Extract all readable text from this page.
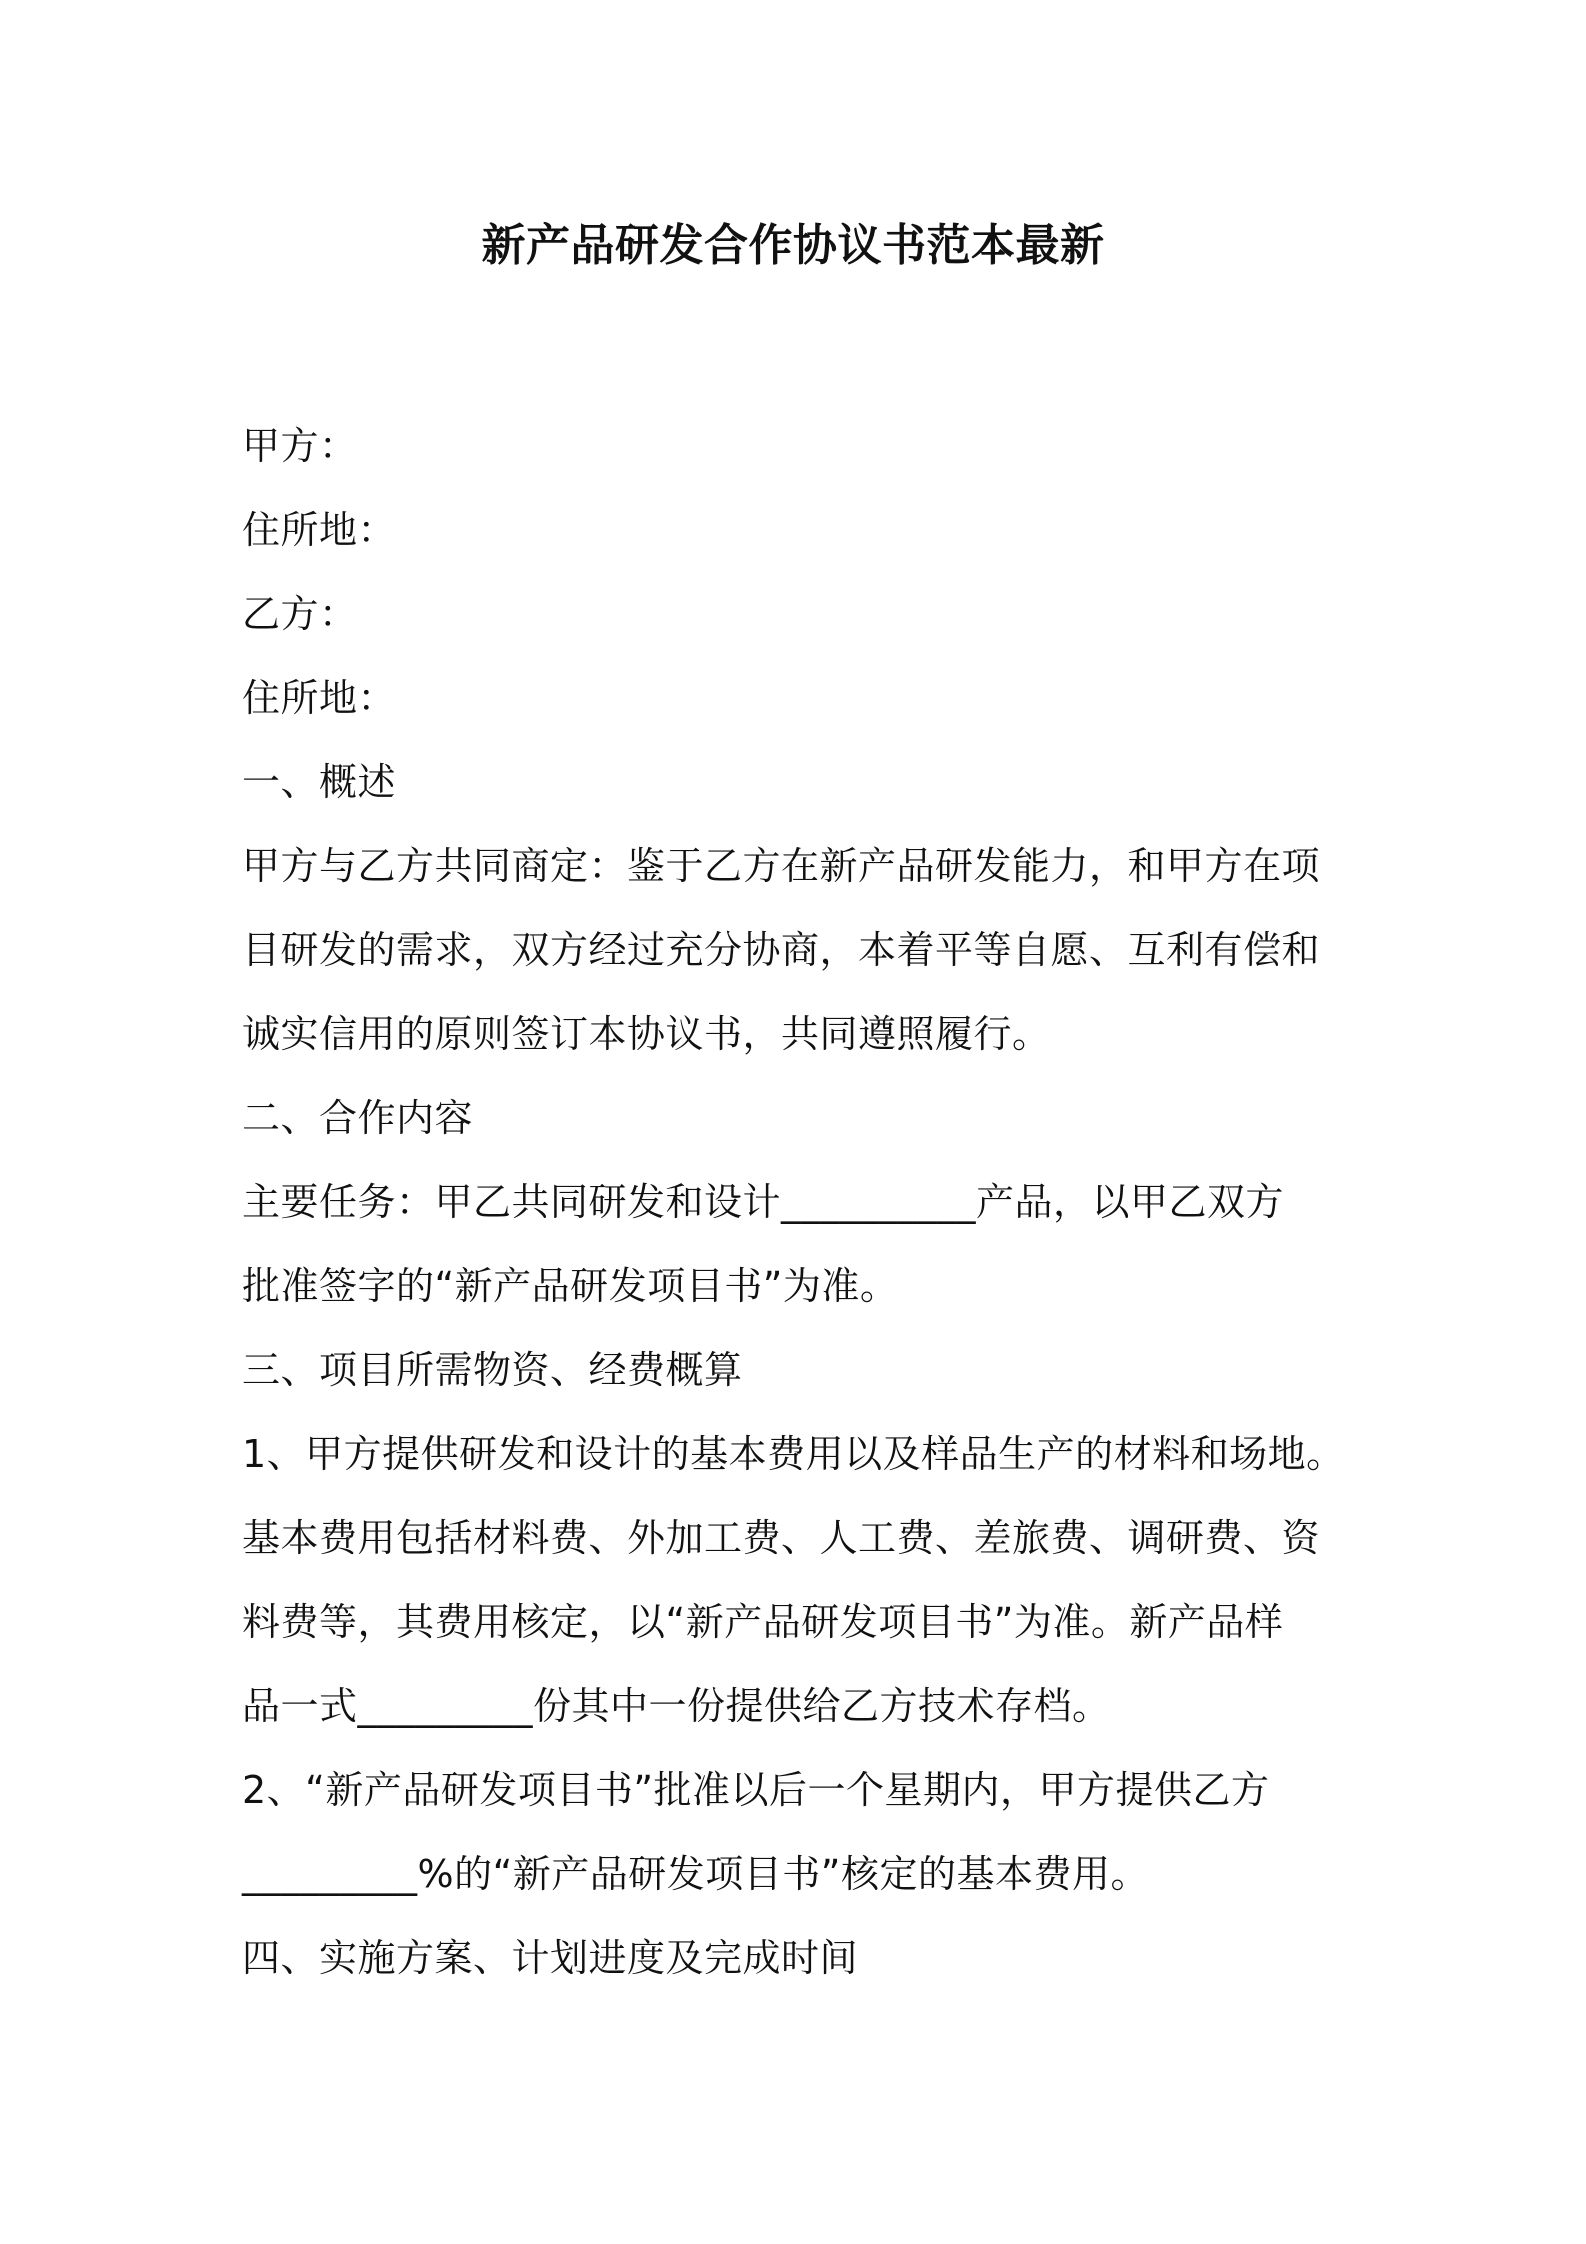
新产品研发合作协议书范本最新
甲方：
住所地：
乙方：
住所地：
一、概述
甲方与乙方共同商定：鉴于乙方在新产品研发能力，和甲方在项
目研发的需求，双方经过充分协商，本着平等自愿、互利有偿和
诚实信用的原则签订本协议书，共同遵照履行。
二、合作内容
主要任务：甲乙共同研发和设计__________产品，以甲乙双方
批准签字的“新产品研发项目书”为准。
三、项目所需物资、经费概算
1、甲方提供研发和设计的基本费用以及样品生产的材料和场地。
基本费用包括材料费、外加工费、人工费、差旅费、调研费、资
料费等，其费用核定，以“新产品研发项目书”为准。新产品样
品一式_________份其中一份提供给乙方技术存档。
2、“新产品研发项目书”批准以后一个星期内，甲方提供乙方
_________%的“新产品研发项目书”核定的基本费用。
四、实施方案、计划进度及完成时间
